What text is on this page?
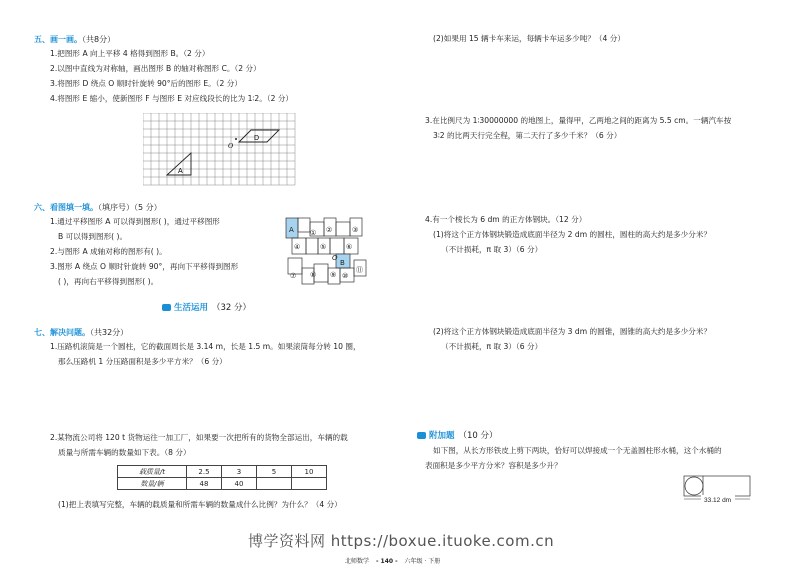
五、画一画。（共8分）
1.把图形 A 向上平移 4 格得到图形 B。（2 分）
2.以图中直线为对称轴，画出图形 B 的轴对称图形 C。（2 分）
3.将图形 D 绕点 O 顺时针旋转 90°后的图形 E。（2 分）
4.将图形 E 缩小，使新图形 F 与图形 E 对应线段长的比为 1∶2。（2 分）
A
D
O
六、看图填一填。（填序号）（5 分）
1.通过平移图形 A 可以得到图形( )，通过平移图形
B 可以得到图形( )。
2.与图形 A 成轴对称的图形有( )。
3.图形 A 绕点 O 顺时针旋转 90°，再向下平移得到图形
( )，再向右平移得到图形( )。
A ① ②	③
④	⑤	⑥
O
B
⑦ ⑧ ⑨ ⑩
⑪
生活运用 （32 分）
七、解决问题。（共32分）
1.压路机滚筒是一个圆柱，它的截面周长是 3.14 m，长是 1.5 m。如果滚筒每分转 10 圈，
那么压路机 1 分压路面积是多少平方米？（6 分）
2.某物流公司将 120 t 货物运往一加工厂，如果要一次把所有的货物全部运出，车辆的载
质量与所需车辆的数量如下表。（8 分）
载质量/t	2.5	3	5	10
数量/辆	48	40		
(1)把上表填写完整，车辆的载质量和所需车辆的数量成什么比例？为什么？（4 分）
(2)如果用 15 辆卡车来运，每辆卡车运多少吨？（4 分）
3.在比例尺为 1∶30000000 的地图上，量得甲，乙两地之间的距离为 5.5 cm。一辆汽车按
3∶2 的比两天行完全程，第二天行了多少千米？（6 分）
4.有一个棱长为 6 dm 的正方体钢块。（12 分）
(1)将这个正方体钢块锻造成底面半径为 2 dm 的圆柱，圆柱的高大约是多少分米？
（不计损耗，π 取 3）（6 分）
(2)将这个正方体钢块锻造成底面半径为 3 dm 的圆锥，圆锥的高大约是多少分米？
（不计损耗，π 取 3）（6 分）
附加题 （10 分）
如下图，从长方形铁皮上剪下两块，恰好可以焊接成一个无盖圆柱形水桶，这个水桶的
表面积是多少平方分米？容积是多少升？
33.12 dm
博学资料网 https://boxue.ituoke.com.cn
北师数学 - 140 - 六年级 · 下册
